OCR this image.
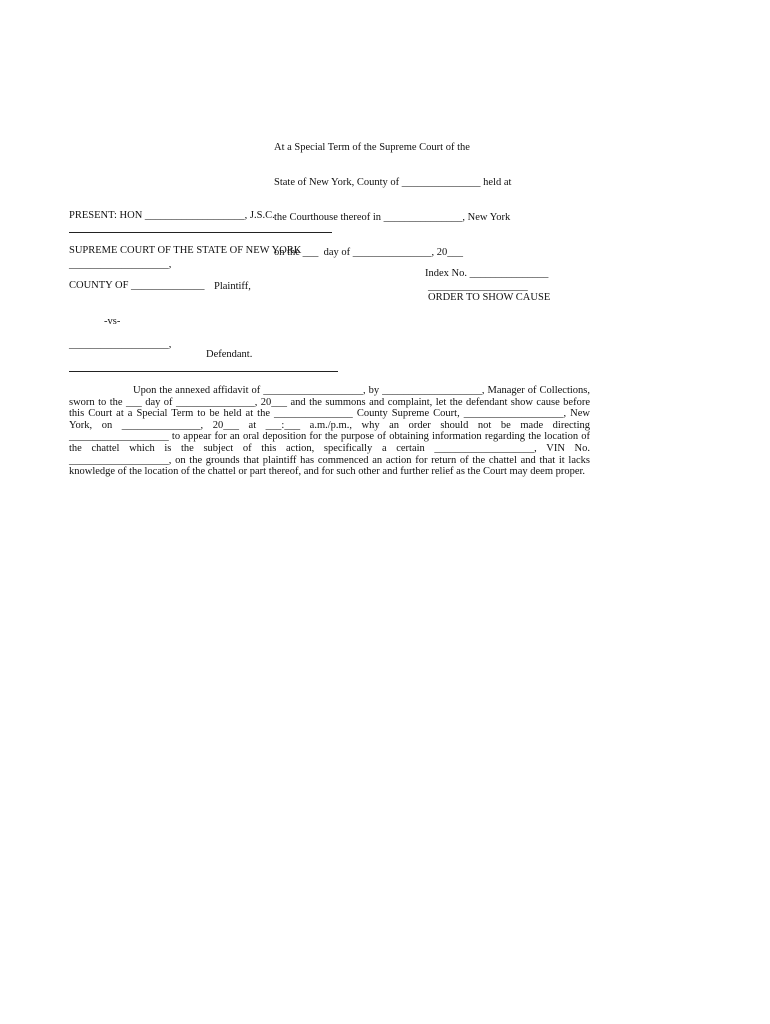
At a Special Term of the Supreme Court of the

State of New York, County of _______________ held at

the Courthouse thereof in _______________, New York

on the ___  day of _______________, 20___

PRESENT: HON ___________________, J.S.C.

SUPREME COURT OF THE STATE OF NEW YORK

COUNTY OF ______________

___________________,
Plaintiff,
Index No. _______________
___________________
ORDER TO SHOW CAUSE
-vs-
___________________,
Defendant.
Upon the annexed affidavit of ___________________, by ___________________, Manager of Collections, sworn to the ___ day of _______________, 20___ and the summons and complaint, let the defendant show cause before this Court at a Special Term to be held at the _______________ County Supreme Court, ___________________, New York, on _______________, 20___ at ___:___ a.m./p.m., why an order should not be made directing ___________________ to appear for an oral deposition for the purpose of obtaining information regarding the location of the chattel which is the subject of this action, specifically a certain ___________________, VIN No. ___________________, on the grounds that plaintiff has commenced an action for return of the chattel and that it lacks knowledge of the location of the chattel or part thereof, and for such other and further relief as the Court may deem proper.
